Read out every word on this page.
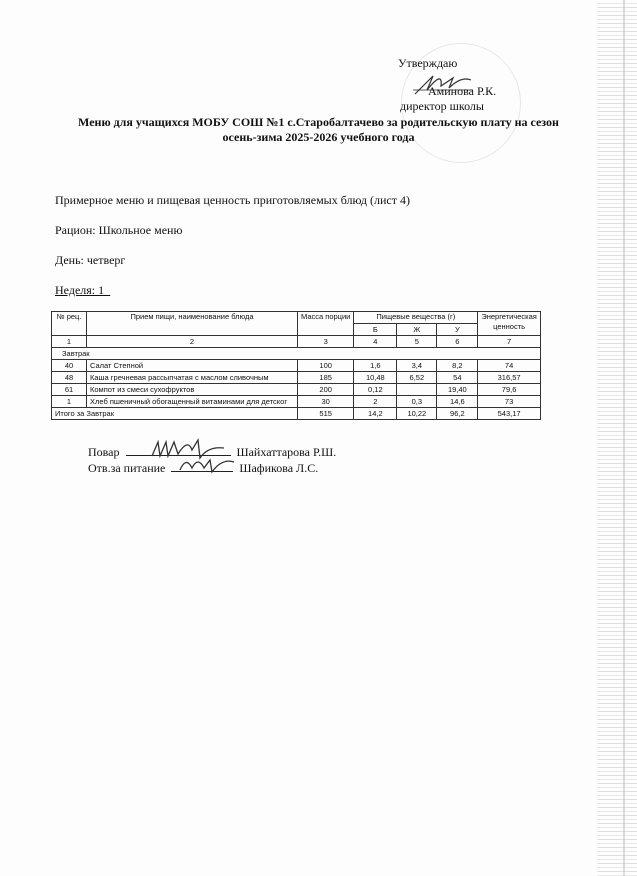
Утверждаю
Аминова Р.К.
директор школы
Меню для учащихся МОБУ СОШ №1 с.Старобалтачево за родительскую плату на сезон
осень-зима 2025-2026 учебного года
Примерное меню и пищевая ценность приготовляемых блюд (лист 4)
Рацион: Школьное меню
День: четверг
Неделя: 1_
№ рец.	Прием пищи, наименование блюда	Масса порции	Пищевые вещества (г)			Энергетическая ценность
			Б	Ж	У	
1	2	3	4	5	6	7
Завтрак						
40	Салат Степной	100	1,6	3,4	8,2	74
48	Каша гречневая рассыпчатая с маслом сливочным	185	10,48	6,52	54	316,57
61	Компот из смеси сухофруктов	200	0,12		19,40	79,6
1	Хлеб пшеничный обогащенный витаминами для детског	30	2	0,3	14,6	73
Итого за Завтрак		515	14,2	10,22	96,2	543,17
Повар	Шайхаттарова Р.Ш.
Отв.за питание	Шафикова Л.С.
